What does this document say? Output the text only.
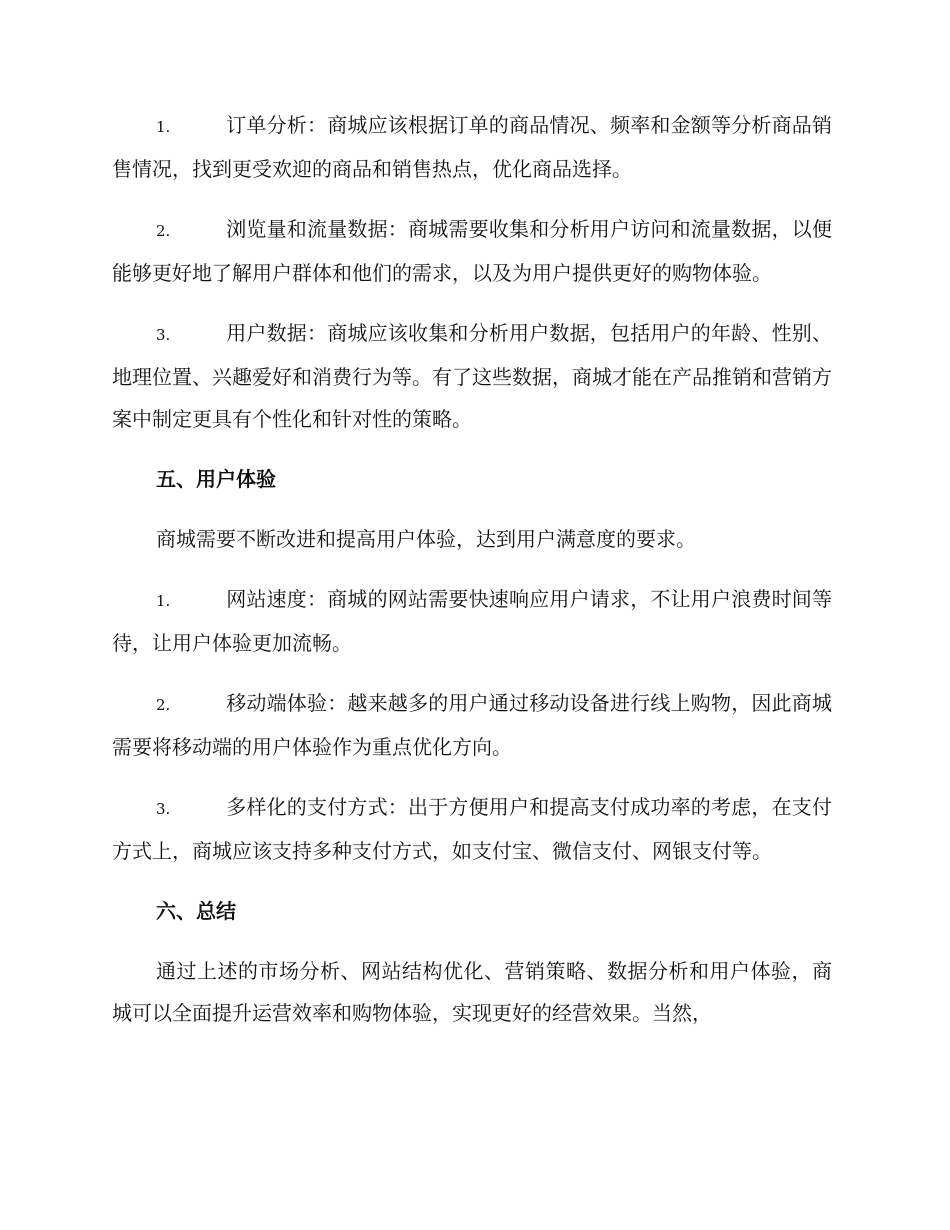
1.	订单分析：商城应该根据订单的商品情况、频率和金额等分析商品销售情况，找到更受欢迎的商品和销售热点，优化商品选择。

2.	浏览量和流量数据：商城需要收集和分析用户访问和流量数据，以便能够更好地了解用户群体和他们的需求，以及为用户提供更好的购物体验。

3.	用户数据：商城应该收集和分析用户数据，包括用户的年龄、性别、地理位置、兴趣爱好和消费行为等。有了这些数据，商城才能在产品推销和营销方案中制定更具有个性化和针对性的策略。

五、用户体验

商城需要不断改进和提高用户体验，达到用户满意度的要求。

1.	网站速度：商城的网站需要快速响应用户请求，不让用户浪费时间等待，让用户体验更加流畅。

2.	移动端体验：越来越多的用户通过移动设备进行线上购物，因此商城需要将移动端的用户体验作为重点优化方向。

3.	多样化的支付方式：出于方便用户和提高支付成功率的考虑，在支付方式上，商城应该支持多种支付方式，如支付宝、微信支付、网银支付等。

六、总结

通过上述的市场分析、网站结构优化、营销策略、数据分析和用户体验，商城可以全面提升运营效率和购物体验，实现更好的经营效果。当然，
